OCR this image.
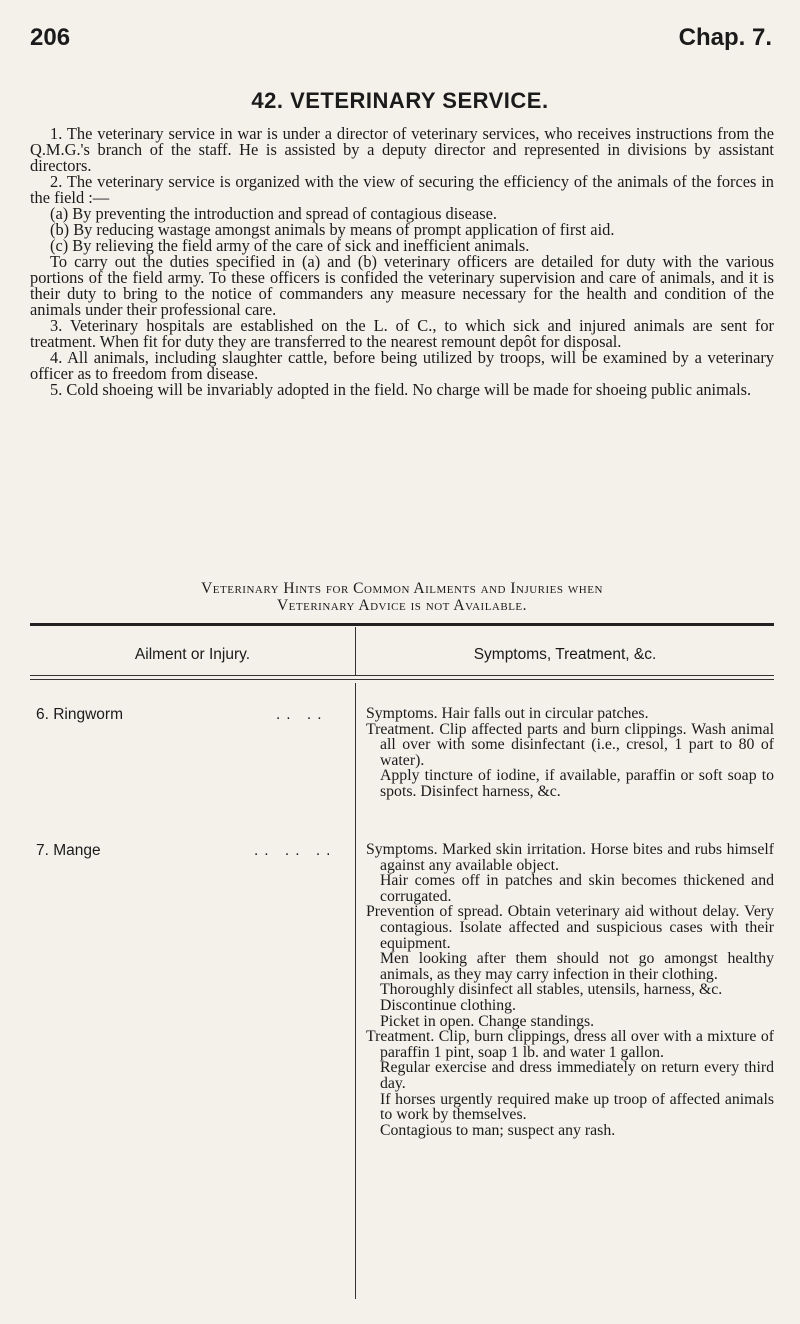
206	Chap. 7.
42. VETERINARY SERVICE.

1. The veterinary service in war is under a director of veterinary services, who receives instructions from the Q.M.G.'s branch of the staff. He is assisted by a deputy director and represented in divisions by assistant directors.

2. The veterinary service is organized with the view of securing the efficiency of the animals of the forces in the field :—

(a) By preventing the introduction and spread of contagious disease.

(b) By reducing wastage amongst animals by means of prompt application of first aid.

(c) By relieving the field army of the care of sick and inefficient animals.

To carry out the duties specified in (a) and (b) veterinary officers are detailed for duty with the various portions of the field army. To these officers is confided the veterinary supervision and care of animals, and it is their duty to bring to the notice of commanders any measure necessary for the health and condition of the animals under their professional care.

3. Veterinary hospitals are established on the L. of C., to which sick and injured animals are sent for treatment. When fit for duty they are transferred to the nearest remount depôt for disposal.

4. All animals, including slaughter cattle, before being utilized by troops, will be examined by a veterinary officer as to freedom from disease.

5. Cold shoeing will be invariably adopted in the field. No charge will be made for shoeing public animals.

Veterinary Hints for Common Ailments and Injuries when
Veterinary Advice is not Available.
Ailment or Injury.	Symptoms, Treatment, &c.
6. Ringworm	.. .. Symptoms. Hair falls out in circular patches.

Treatment. Clip affected parts and burn clippings. Wash animal all over with some disinfectant (i.e., cresol, 1 part to 80 of water).

Apply tincture of iodine, if available, paraffin or soft soap to spots. Disinfect harness, &c.

7. Mange	.. .. .. Symptoms. Marked skin irritation. Horse bites and rubs himself against any available object.

Hair comes off in patches and skin becomes thickened and corrugated.

Prevention of spread. Obtain veterinary aid without delay. Very contagious. Isolate affected and suspicious cases with their equipment.

Men looking after them should not go amongst healthy animals, as they may carry infection in their clothing.

Thoroughly disinfect all stables, utensils, harness, &c.

Discontinue clothing.

Picket in open. Change standings.

Treatment. Clip, burn clippings, dress all over with a mixture of paraffin 1 pint, soap 1 lb. and water 1 gallon.

Regular exercise and dress immediately on return every third day.

If horses urgently required make up troop of affected animals to work by themselves.

Contagious to man; suspect any rash.
